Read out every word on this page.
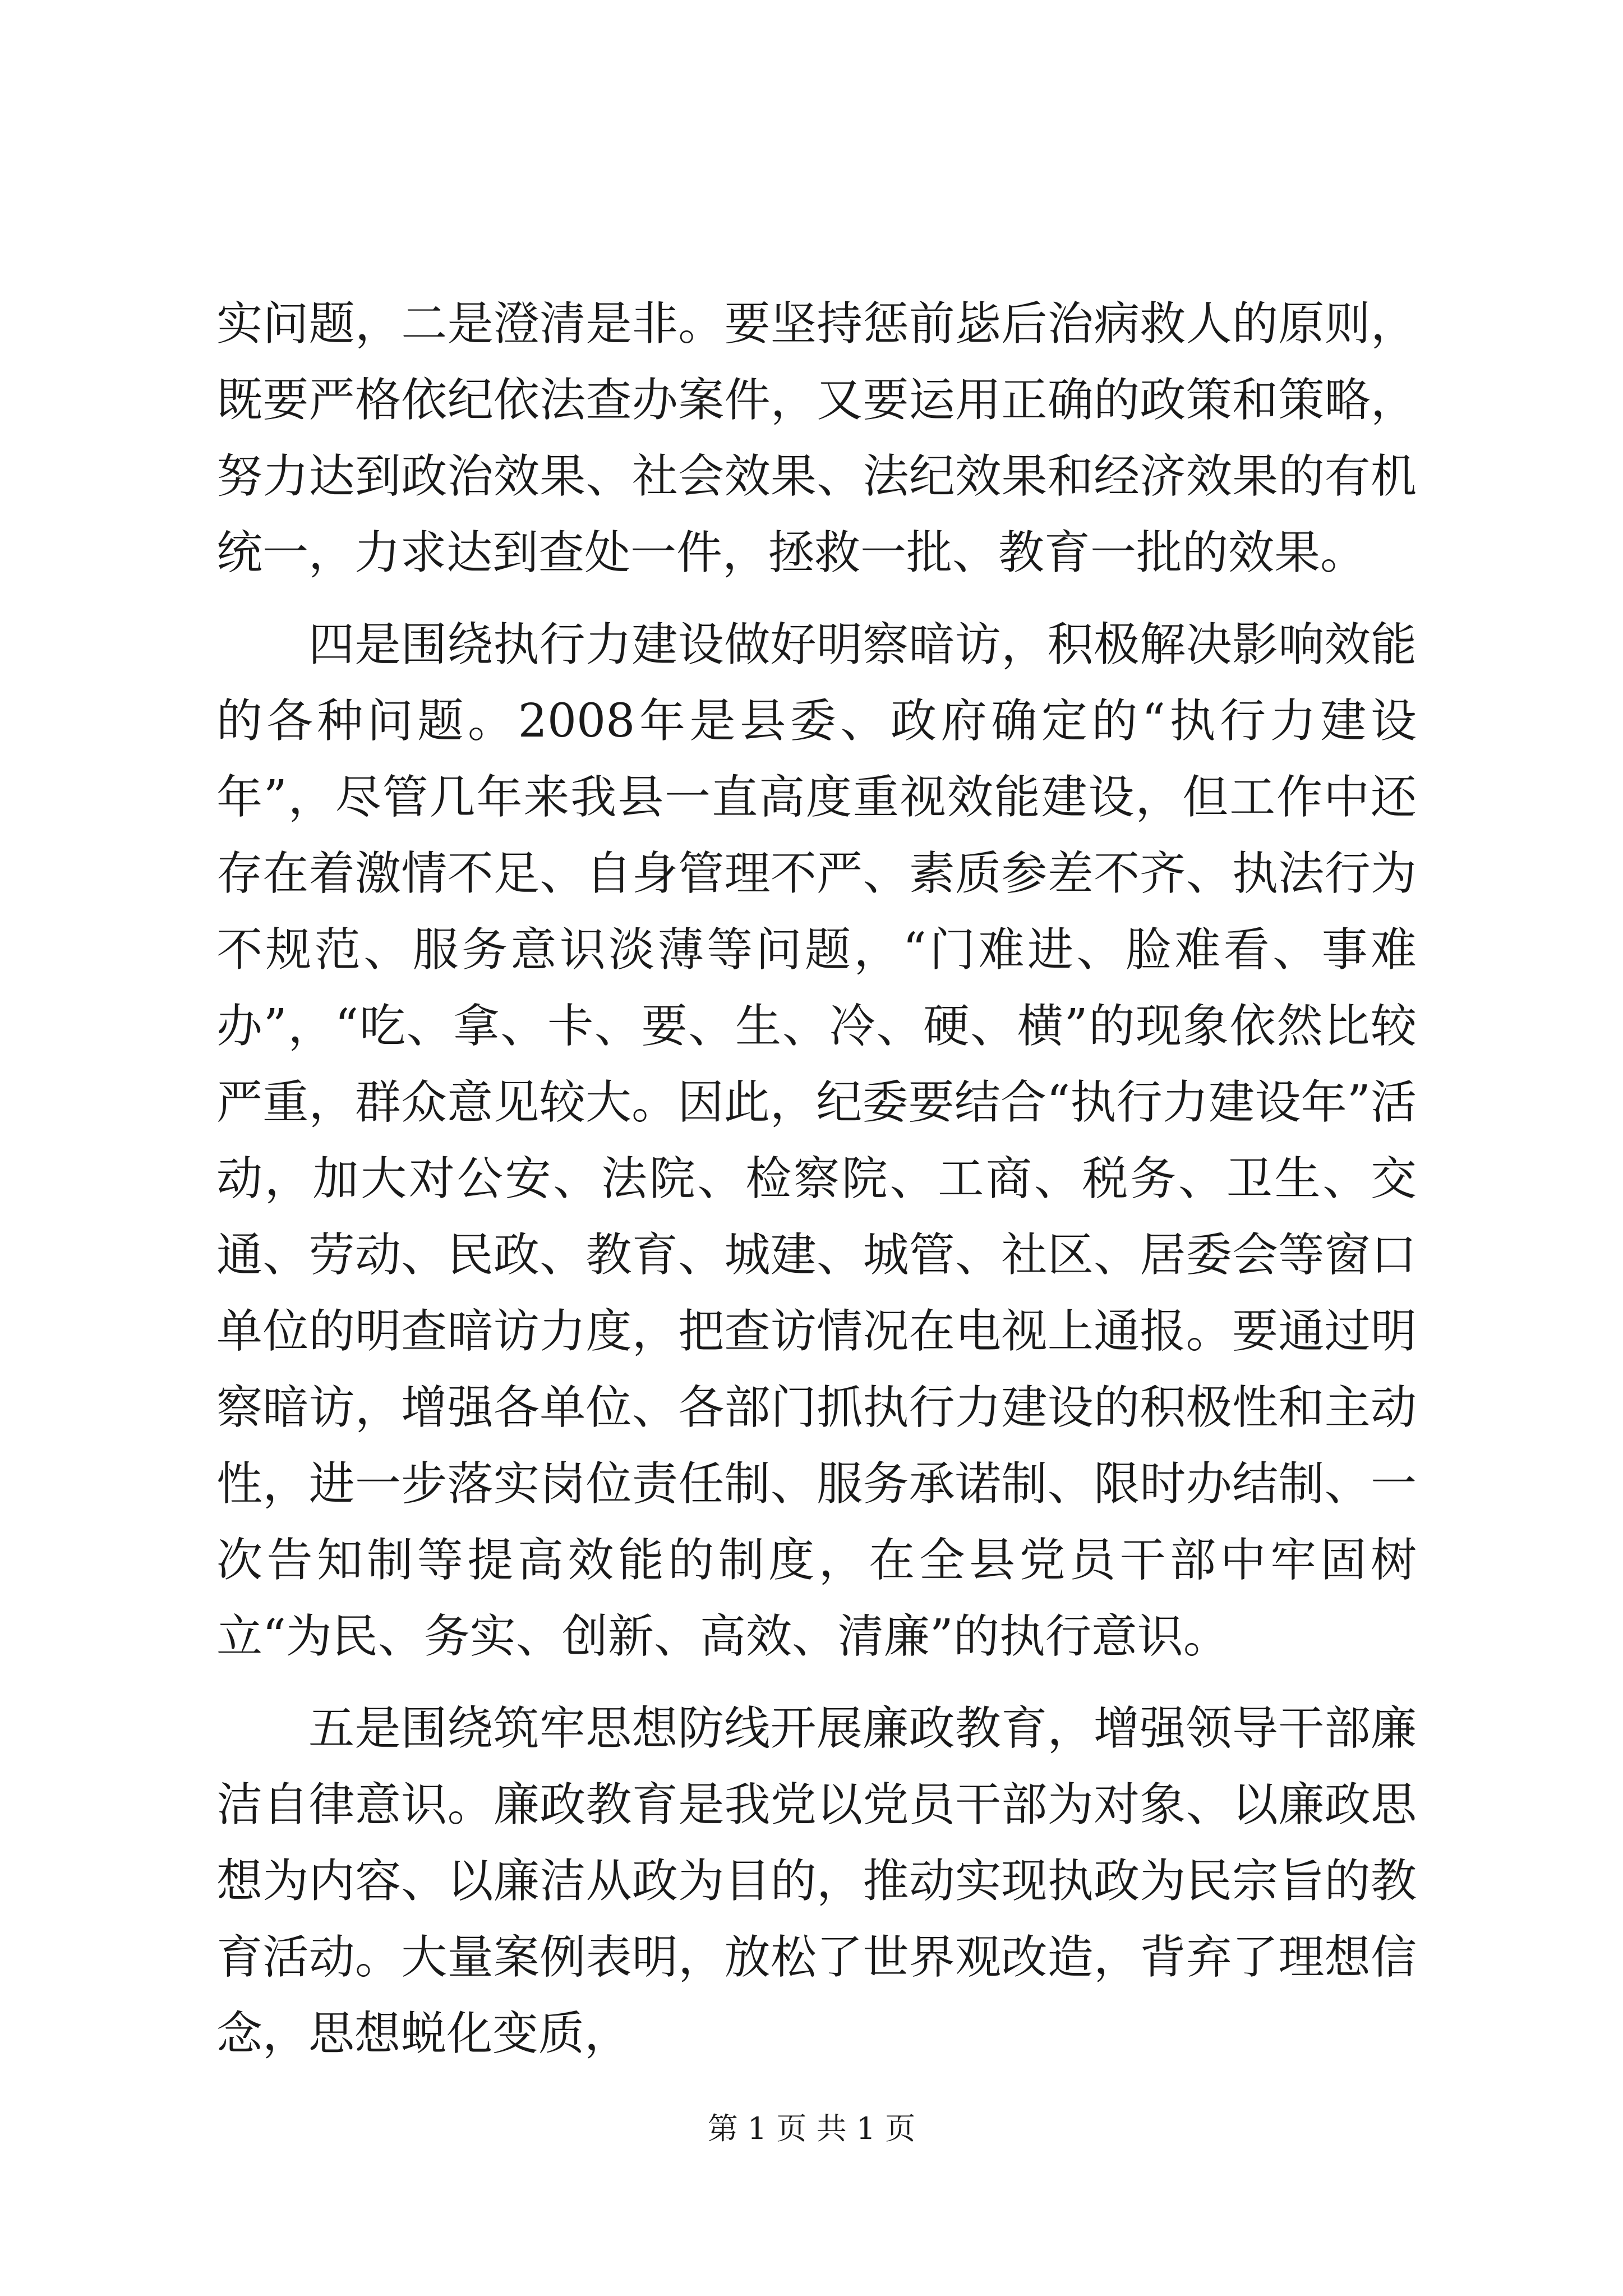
实问题，二是澄清是非。要坚持惩前毖后治病救人的原则，既要严格依纪依法查办案件，又要运用正确的政策和策略，努力达到政治效果、社会效果、法纪效果和经济效果的有机统一，力求达到查处一件，拯救一批、教育一批的效果。

四是围绕执行力建设做好明察暗访，积极解决影响效能的各种问题。2008年是县委、政府确定的“执行力建设年”，尽管几年来我县一直高度重视效能建设，但工作中还存在着激情不足、自身管理不严、素质参差不齐、执法行为不规范、服务意识淡薄等问题，“门难进、脸难看、事难办”，“吃、拿、卡、要、生、冷、硬、横”的现象依然比较严重，群众意见较大。因此，纪委要结合“执行力建设年”活动，加大对公安、法院、检察院、工商、税务、卫生、交通、劳动、民政、教育、城建、城管、社区、居委会等窗口单位的明查暗访力度，把查访情况在电视上通报。要通过明察暗访，增强各单位、各部门抓执行力建设的积极性和主动性，进一步落实岗位责任制、服务承诺制、限时办结制、一次告知制等提高效能的制度，在全县党员干部中牢固树立“为民、务实、创新、高效、清廉”的执行意识。

五是围绕筑牢思想防线开展廉政教育，增强领导干部廉洁自律意识。廉政教育是我党以党员干部为对象、以廉政思想为内容、以廉洁从政为目的，推动实现执政为民宗旨的教育活动。大量案例表明，放松了世界观改造，背弃了理想信念，思想蜕化变质，

第 1 页 共 1 页
